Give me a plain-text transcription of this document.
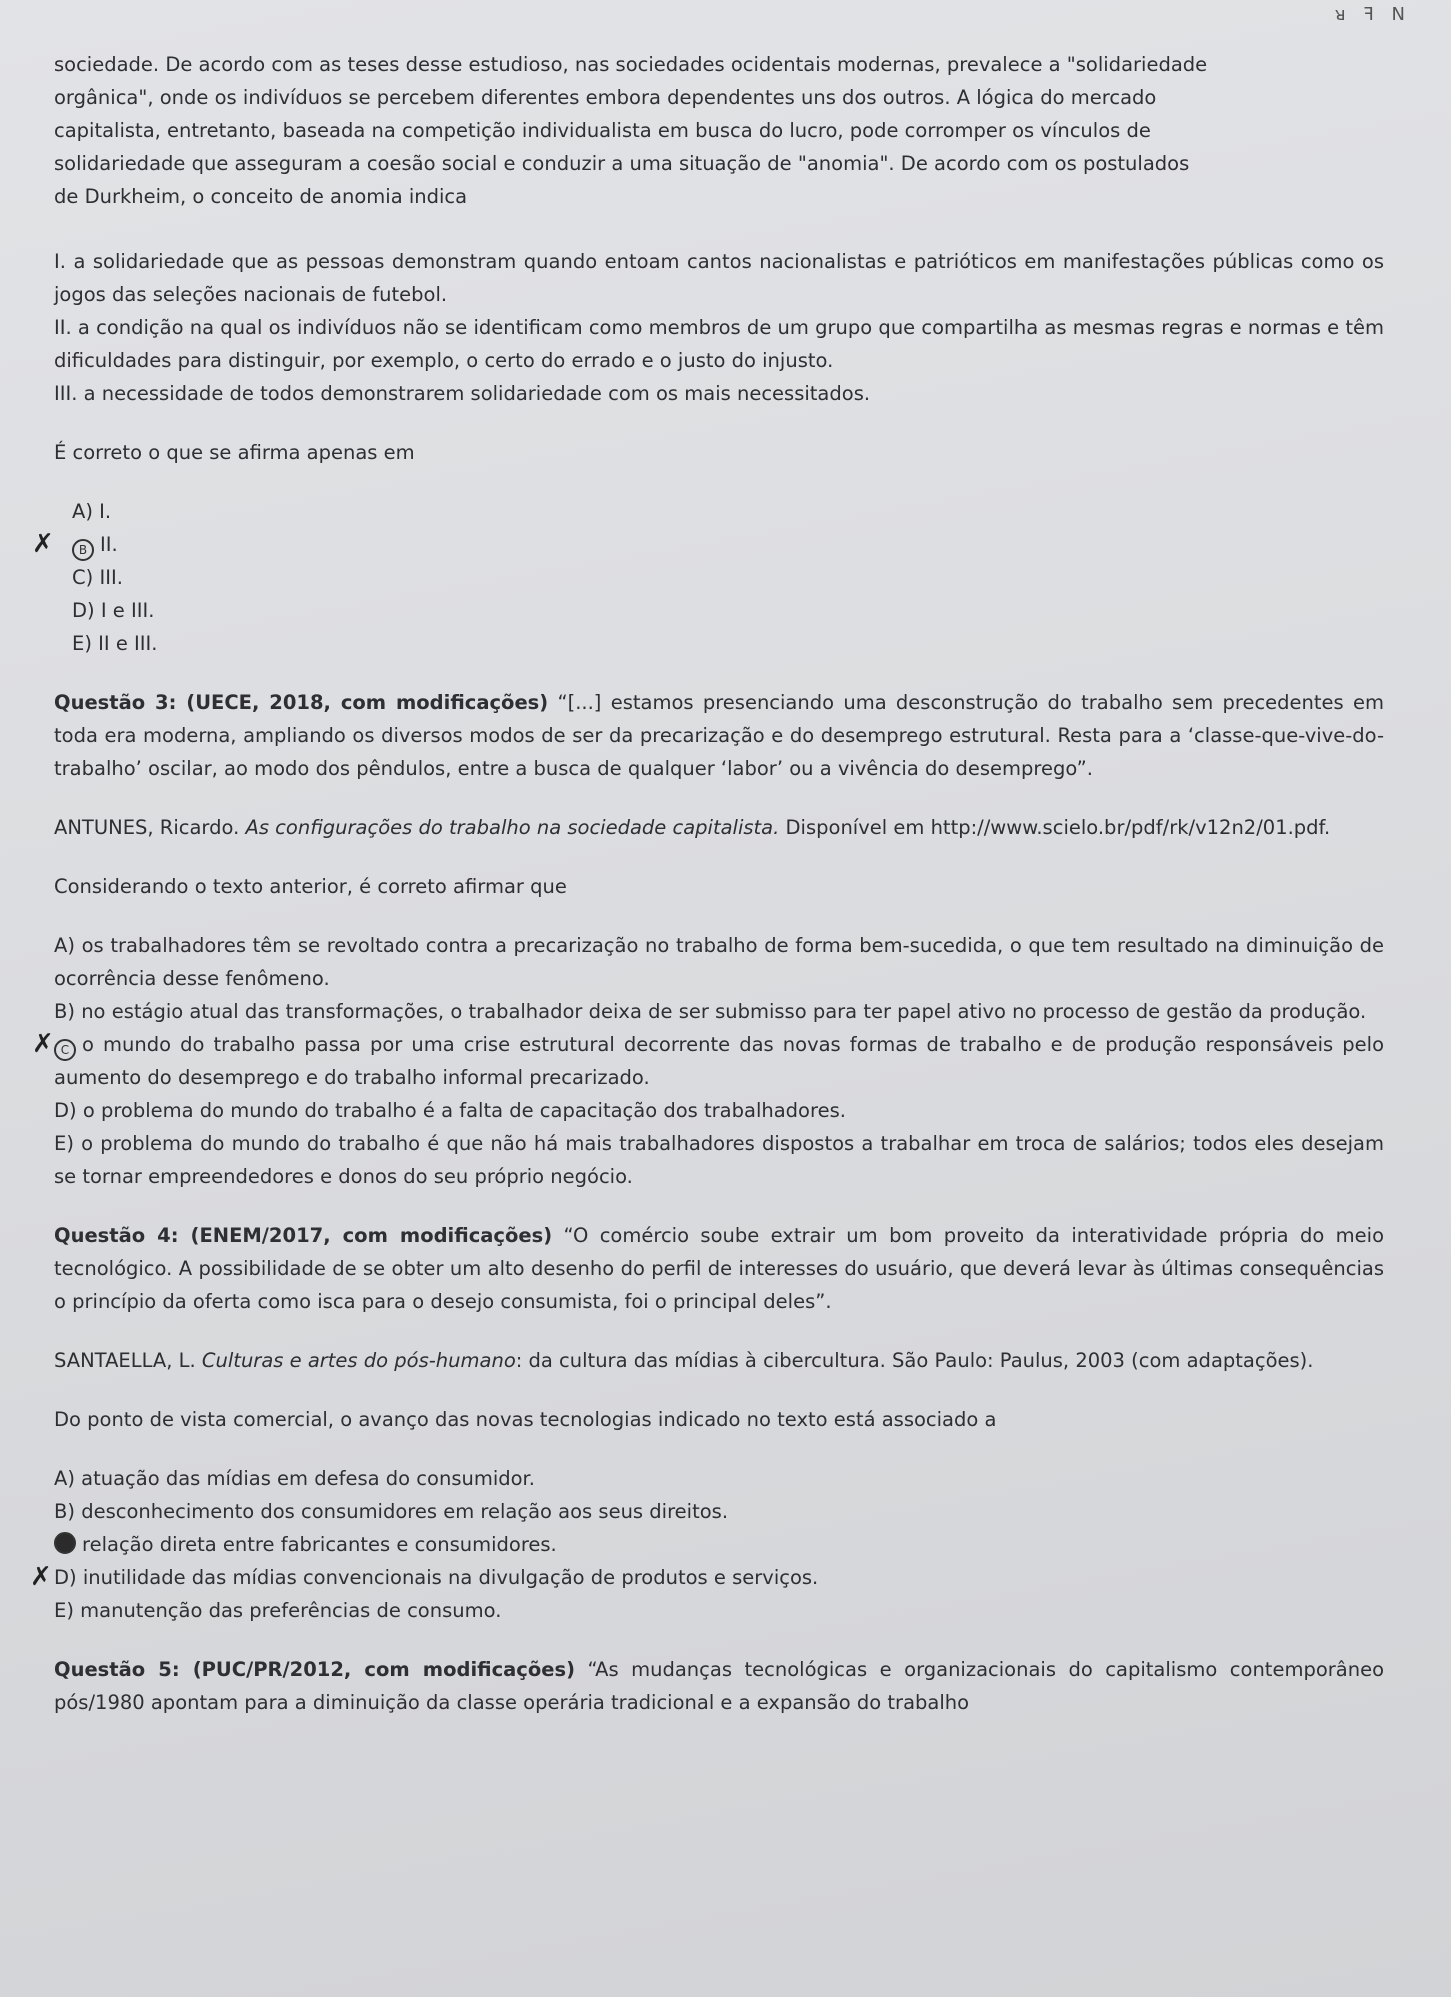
ᴚ ꟻ ꓠ

sociedade. De acordo com as teses desse estudioso, nas sociedades ocidentais modernas, prevalece a "solidariedade

orgânica", onde os indivíduos se percebem diferentes embora dependentes uns dos outros. A lógica do mercado

capitalista, entretanto, baseada na competição individualista em busca do lucro, pode corromper os vínculos de

solidariedade que asseguram a coesão social e conduzir a uma situação de "anomia". De acordo com os postulados

de Durkheim, o conceito de anomia indica

I. a solidariedade que as pessoas demonstram quando entoam cantos nacionalistas e patrióticos em manifestações públicas como os jogos das seleções nacionais de futebol.

II. a condição na qual os indivíduos não se identificam como membros de um grupo que compartilha as mesmas regras e normas e têm dificuldades para distinguir, por exemplo, o certo do errado e o justo do injusto.

III. a necessidade de todos demonstrarem solidariedade com os mais necessitados.

É correto o que se afirma apenas em

A) I.

✗ B II.

C) III.

D) I e III.

E) II e III.

Questão 3: (UECE, 2018, com modificações) “[...] estamos presenciando uma desconstrução do trabalho sem precedentes em toda era moderna, ampliando os diversos modos de ser da precarização e do desemprego estrutural. Resta para a ‘classe-que-vive-do-trabalho’ oscilar, ao modo dos pêndulos, entre a busca de qualquer ‘labor’ ou a vivência do desemprego”.

ANTUNES, Ricardo. As configurações do trabalho na sociedade capitalista. Disponível em http://www.scielo.br/pdf/rk/v12n2/01.pdf.

Considerando o texto anterior, é correto afirmar que

A) os trabalhadores têm se revoltado contra a precarização no trabalho de forma bem-sucedida, o que tem resultado na diminuição de ocorrência desse fenômeno.

B) no estágio atual das transformações, o trabalhador deixa de ser submisso para ter papel ativo no processo de gestão da produção.

✗ C o mundo do trabalho passa por uma crise estrutural decorrente das novas formas de trabalho e de produção responsáveis pelo aumento do desemprego e do trabalho informal precarizado.

D) o problema do mundo do trabalho é a falta de capacitação dos trabalhadores.

E) o problema do mundo do trabalho é que não há mais trabalhadores dispostos a trabalhar em troca de salários; todos eles desejam se tornar empreendedores e donos do seu próprio negócio.

Questão 4: (ENEM/2017, com modificações) “O comércio soube extrair um bom proveito da interatividade própria do meio tecnológico. A possibilidade de se obter um alto desenho do perfil de interesses do usuário, que deverá levar às últimas consequências o princípio da oferta como isca para o desejo consumista, foi o principal deles”.

SANTAELLA, L. Culturas e artes do pós-humano: da cultura das mídias à cibercultura. São Paulo: Paulus, 2003 (com adaptações).

Do ponto de vista comercial, o avanço das novas tecnologias indicado no texto está associado a

A) atuação das mídias em defesa do consumidor.

B) desconhecimento dos consumidores em relação aos seus direitos.

relação direta entre fabricantes e consumidores.

✗ D) inutilidade das mídias convencionais na divulgação de produtos e serviços.

E) manutenção das preferências de consumo.

Questão 5: (PUC/PR/2012, com modificações) “As mudanças tecnológicas e organizacionais do capitalismo contemporâneo pós/1980 apontam para a diminuição da classe operária tradicional e a expansão do trabalho
